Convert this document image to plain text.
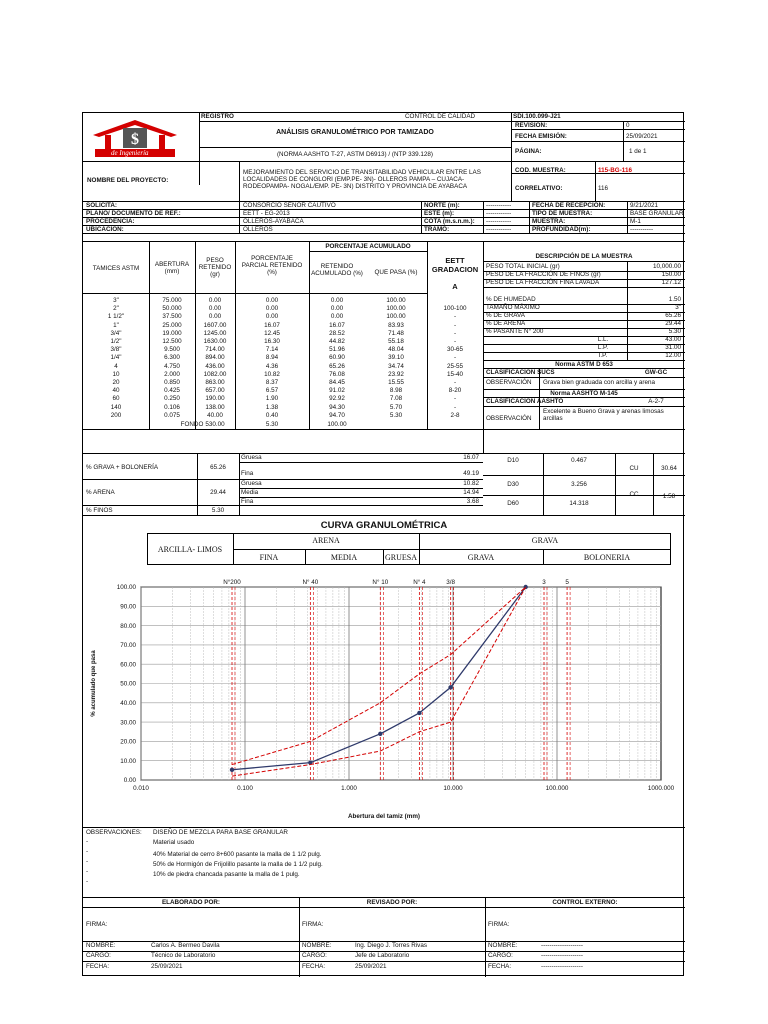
$
de Ingeniería
REGISTRO	CONTROL DE CALIDAD	SDI.100.099-J21
ANÁLISIS GRANULOMÉTRICO POR TAMIZADO
(NORMA AASHTO T-27, ASTM D6913) / (NTP 339.128)
REVISIÓN:	0
FECHA EMISIÓN:	25/09/2021
PÁGINA:	1 de 1
NOMBRE DEL PROYECTO:
MEJORAMIENTO DEL SERVICIO DE TRANSITABILIDAD VEHICULAR ENTRE LAS LOCALIDADES DE CONGLORI (EMP.PE- 3N)- OLLEROS PAMPA – CUJACA- RODEOPAMPA- NOGAL/EMP. PE- 3N) DISTRITO Y PROVINCIA DE AYABACA
COD. MUESTRA:	115-BG-116
CORRELATIVO:	116
SOLICITA:	CONSORCIO SEÑOR CAUTIVO
PLANO/ DOCUMENTO DE REF.:	EETT - EG-2013
PROCEDENCIA:	OLLEROS-AYABACA
UBICACIÓN:	OLLEROS
NORTE (m):	------------
ESTE (m):	------------
COTA (m.s.n.m.): ------------
TRAMO:	------------
FECHA DE RECEPCIÓN:	9/21/2021
TIPO DE MUESTRA:	BASE GRANULAR
MUESTRA:	M-1
PROFUNDIDAD(m):	-----------
PORCENTAJE ACUMULADO
TAMICES ASTM
ABERTURA (mm)
PESO RETENIDO (gr)
PORCENTAJE PARCIAL RETENIDO (%)
RETENIDO ACUMULADO (%)	QUE PASA (%)
EETT GRADACION
A
FONDO 530.00	5.30	100.00
DESCRIPCIÓN DE LA MUESTRA
% GRAVA + BOLONERÍA	65.26
Gruesa	16.07
Fina	49.19
% ARENA	29.44
Gruesa	10.82
Media	14.94
Fina	3.68
% FINOS	5.30
D10	0.467
D30	3.256
D60	14.318
CU	30.64
CC	1.58
CURVA GRANULOMÉTRICA
ARCILLA- LIMOS
ARENA	GRAVA
FINA	MEDIA	GRUESA	GRAVA	BOLONERIA
0.00
10.00
20.00
30.00
40.00
50.00
60.00
70.00
80.00
90.00
100.00
0.010	0.100	1.000	10.000	100.000	1000.000
N°200	N° 40	N° 10	N° 4	3/8	3	5
% acumulado que pasa
Abertura del tamiz (mm)
OBSERVACIONES: DISEÑO DE MEZCLA PARA BASE GRANULAR
-
-
-
-
-
Material usado
40% Material de cerro 8+600 pasante la malla de 1 1/2 pulg.
50% de Hormigón de Frijolillo pasante la malla de 1 1/2 pulg.
10% de piedra chancada pasante la malla de 1 pulg.
ELABORADO POR:	REVISADO POR:	CONTROL EXTERNO:
FIRMA:	FIRMA:	FIRMA:
NOMBRE:	Carlos A. Bermeo Davila
CARGO:	Técnico de Laboratorio
FECHA:	25/09/2021
NOMBRE:	Ing. Diego J. Torres Rivas
CARGO:	Jefe de Laboratorio
FECHA:	25/09/2021
NOMBRE:	--------------------
CARGO:	--------------------
FECHA:	--------------------
3"	75.000	0.00	0.00	0.00	100.00
2"	50.000	0.00	0.00	0.00	100.00	100-100
1 1/2"	37.500	0.00	0.00	0.00	100.00	-
1"	25.000	1607.00	16.07	16.07	83.93	-
3/4"	19.000	1245.00	12.45	28.52	71.48	-
1/2"	12.500	1630.00	16.30	44.82	55.18	-
3/8"	9.500	714.00	7.14	51.96	48.04	30-65
1/4"	6.300	894.00	8.94	60.90	39.10	-
4	4.750	436.00	4.36	65.26	34.74	25-55
10	2.000	1082.00	10.82	76.08	23.92	15-40
20	0.850	863.00	8.37	84.45	15.55	-
40	0.425	657.00	6.57	91.02	8.98	8-20
60	0.250	190.00	1.90	92.92	7.08	-
140	0.106	138.00	1.38	94.30	5.70	-
200	0.075	40.00	0.40	94.70	5.30	2-8
PESO TOTAL INICIAL (gr)	10,000.00
PESO DE LA FRACCIÓN DE FINOS (gr)	150.00
PESO DE LA FRACCIÓN FINA LAVADA	127.12
% DE HUMEDAD	1.50
TAMAÑO MÁXIMO	3"
% DE GRAVA	65.26
% DE ARENA	29.44
% PASANTE N° 200	5.30
L.L.	43.00
L.P.	31.00
I.P.	12.00
Norma ASTM D 653
CLASIFICACIÓN SUCS	GW-GC
OBSERVACIÓN Grava bien graduada con arcilla y arena
Norma AASHTO M-145
CLASIFICACIÓN AASHTO	A-2-7
OBSERVACIÓN
Excelente a Bueno Grava y arenas limosas arcillas
